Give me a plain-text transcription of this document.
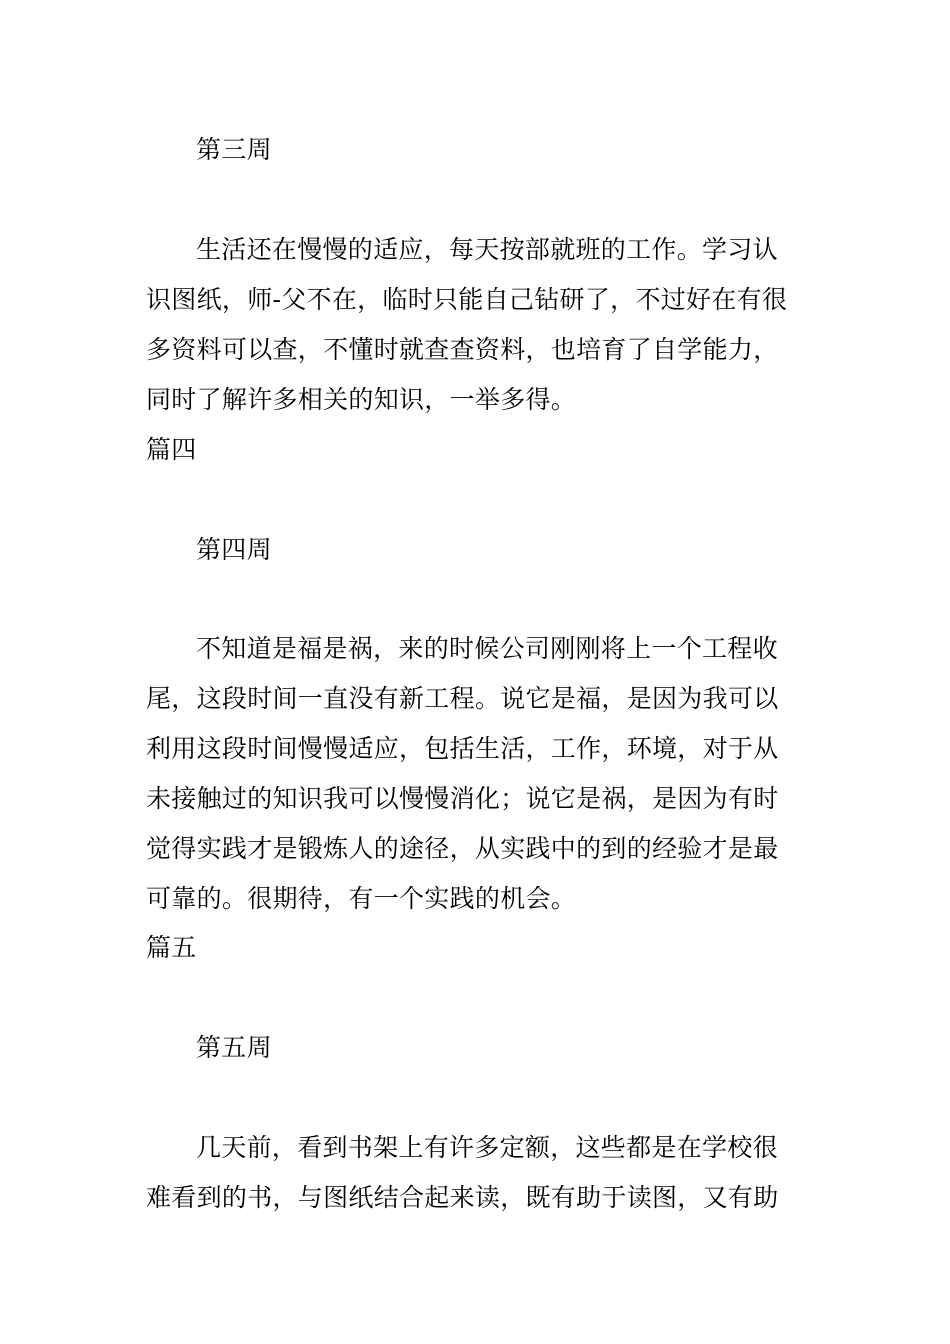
第三周
生活还在慢慢的适应，每天按部就班的工作。学习认
识图纸，师-父不在，临时只能自己钻研了，不过好在有很
多资料可以查，不懂时就查查资料，也培育了自学能力，
同时了解许多相关的知识，一举多得。
篇四
第四周
不知道是福是祸，来的时候公司刚刚将上一个工程收
尾，这段时间一直没有新工程。说它是福，是因为我可以
利用这段时间慢慢适应，包括生活，工作，环境，对于从
未接触过的知识我可以慢慢消化；说它是祸，是因为有时
觉得实践才是锻炼人的途径，从实践中的到的经验才是最
可靠的。很期待，有一个实践的机会。
篇五
第五周
几天前，看到书架上有许多定额，这些都是在学校很
难看到的书，与图纸结合起来读，既有助于读图，又有助
